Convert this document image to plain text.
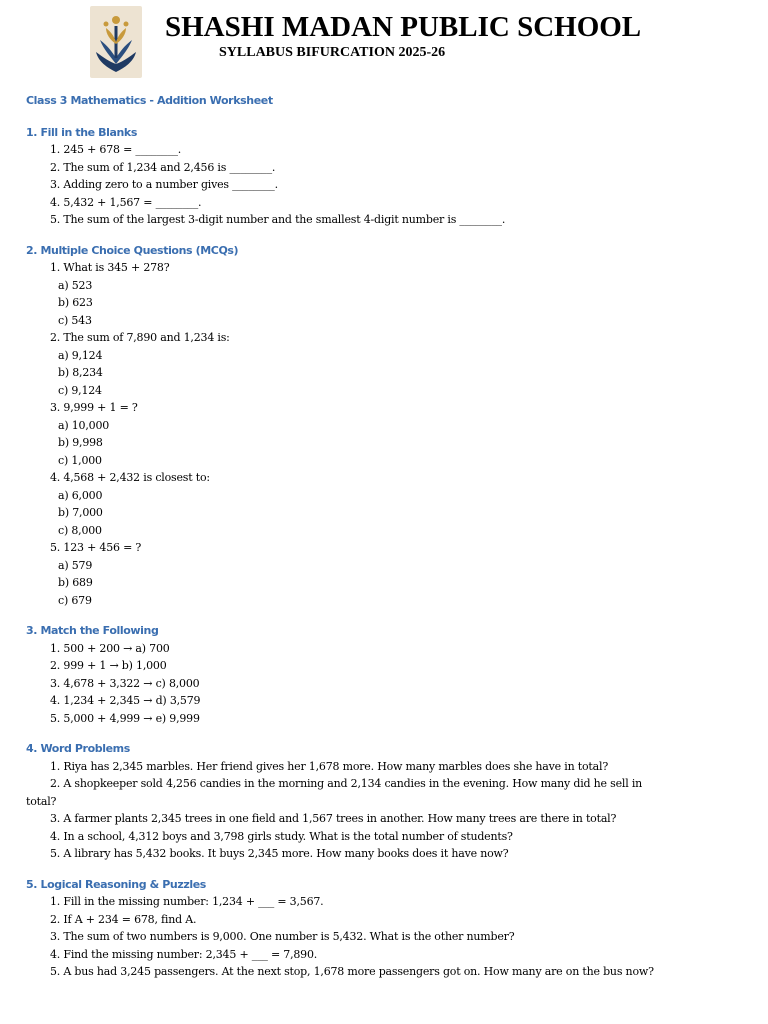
SHASHI MADAN PUBLIC SCHOOL
SYLLABUS BIFURCATION 2025-26
Class 3 Mathematics - Addition Worksheet
1. Fill in the Blanks
1. 245 + 678 = ________.
2. The sum of 1,234 and 2,456 is ________.
3. Adding zero to a number gives ________.
4. 5,432 + 1,567 = ________.
5. The sum of the largest 3-digit number and the smallest 4-digit number is ________.
2. Multiple Choice Questions (MCQs)
1. What is 345 + 278?
a) 523
b) 623
c) 543
2. The sum of 7,890 and 1,234 is:
a) 9,124
b) 8,234
c) 9,124
3. 9,999 + 1 = ?
a) 10,000
b) 9,998
c) 1,000
4. 4,568 + 2,432 is closest to:
a) 6,000
b) 7,000
c) 8,000
5. 123 + 456 = ?
a) 579
b) 689
c) 679
3. Match the Following
1. 500 + 200 → a) 700
2. 999 + 1 → b) 1,000
3. 4,678 + 3,322 → c) 8,000
4. 1,234 + 2,345 → d) 3,579
5. 5,000 + 4,999 → e) 9,999
4. Word Problems
1. Riya has 2,345 marbles. Her friend gives her 1,678 more. How many marbles does she have in total?
2. A shopkeeper sold 4,256 candies in the morning and 2,134 candies in the evening. How many did he sell in
total?
3. A farmer plants 2,345 trees in one field and 1,567 trees in another. How many trees are there in total?
4. In a school, 4,312 boys and 3,798 girls study. What is the total number of students?
5. A library has 5,432 books. It buys 2,345 more. How many books does it have now?
5. Logical Reasoning & Puzzles
1. Fill in the missing number: 1,234 + ___ = 3,567.
2. If A + 234 = 678, find A.
3. The sum of two numbers is 9,000. One number is 5,432. What is the other number?
4. Find the missing number: 2,345 + ___ = 7,890.
5. A bus had 3,245 passengers. At the next stop, 1,678 more passengers got on. How many are on the bus now?
